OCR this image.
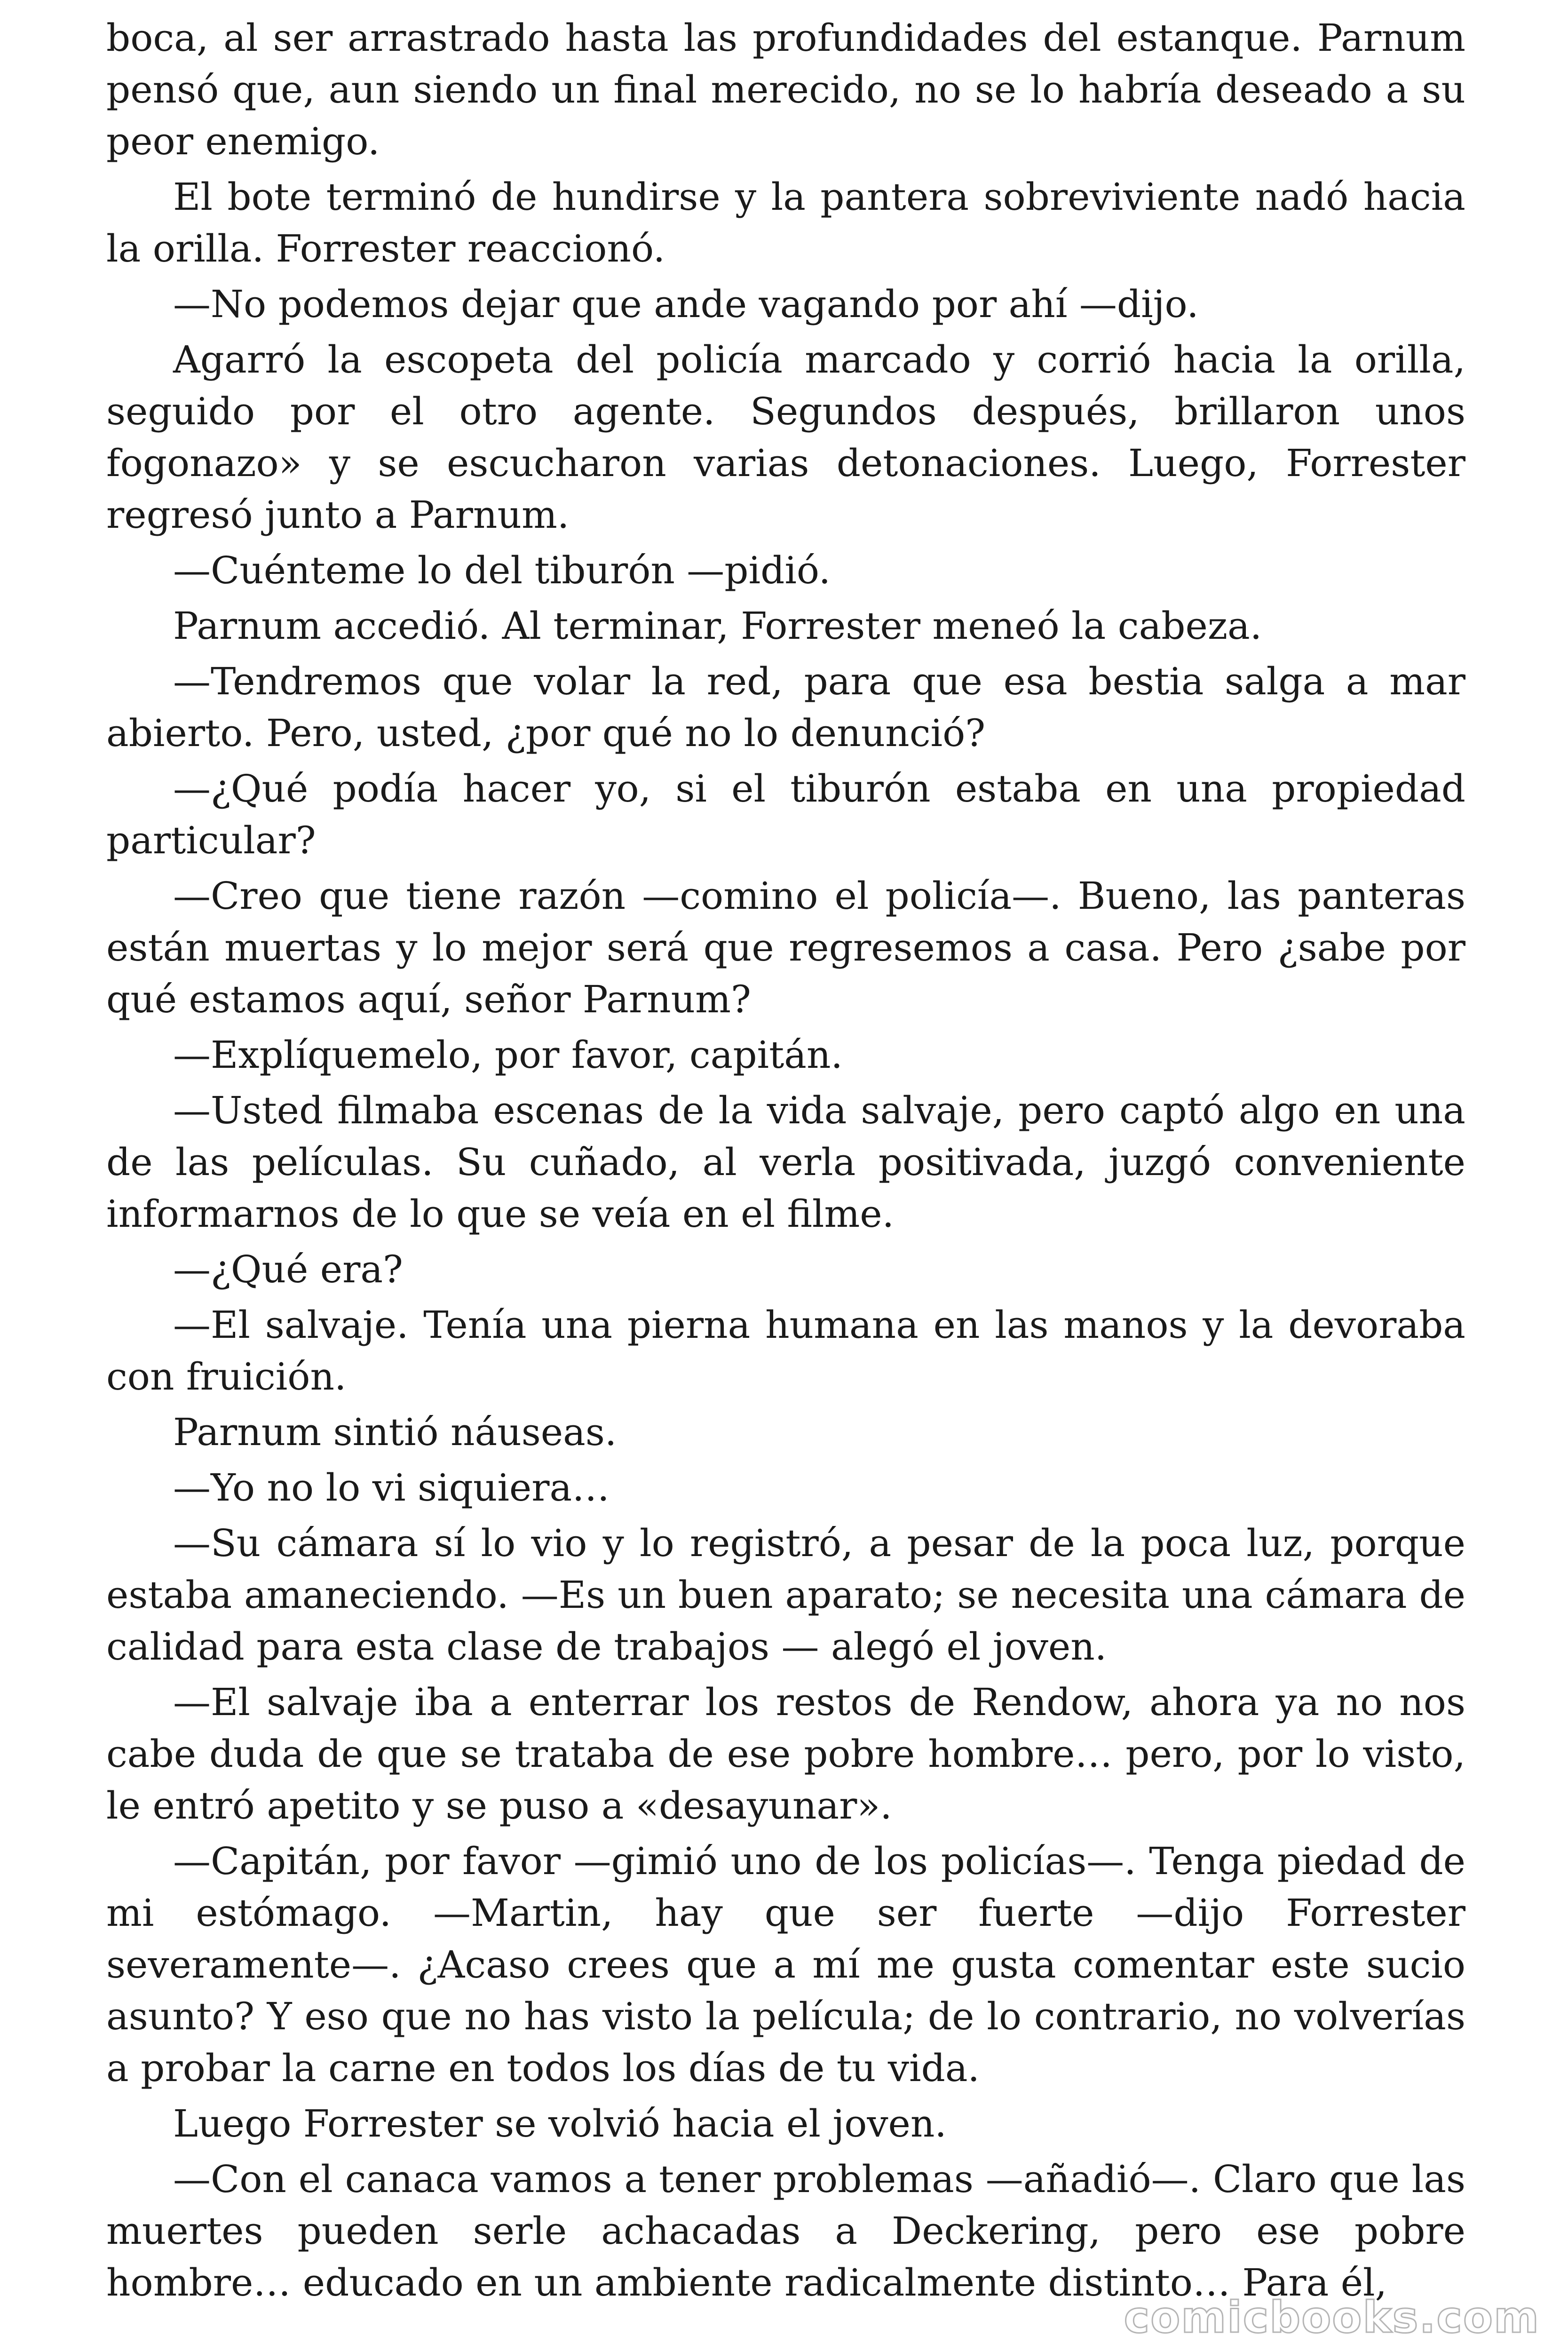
boca, al ser arrastrado hasta las profundidades del estanque. Parnum pensó que, aun siendo un final merecido, no se lo habría deseado a su peor enemigo.

El bote terminó de hundirse y la pantera sobreviviente nadó hacia la orilla. Forrester reaccionó.

—No podemos dejar que ande vagando por ahí —dijo.

Agarró la escopeta del policía marcado y corrió hacia la orilla, seguido por el otro agente. Segundos después, brillaron unos fogonazo» y se escucharon varias detonaciones. Luego, Forrester regresó junto a Parnum.

—Cuénteme lo del tiburón —pidió.

Parnum accedió. Al terminar, Forrester meneó la cabeza.

—Tendremos que volar la red, para que esa bestia salga a mar abierto. Pero, usted, ¿por qué no lo denunció?

—¿Qué podía hacer yo, si el tiburón estaba en una propiedad particular?

—Creo que tiene razón —comino el policía—. Bueno, las panteras están muertas y lo mejor será que regresemos a casa. Pero ¿sabe por qué estamos aquí, señor Parnum?

—Explíquemelo, por favor, capitán.

—Usted filmaba escenas de la vida salvaje, pero captó algo en una de las películas. Su cuñado, al verla positivada, juzgó conveniente informarnos de lo que se veía en el filme.

—¿Qué era?

—El salvaje. Tenía una pierna humana en las manos y la devoraba con fruición.

Parnum sintió náuseas.

—Yo no lo vi siquiera…

—Su cámara sí lo vio y lo registró, a pesar de la poca luz, porque estaba amaneciendo. —Es un buen aparato; se necesita una cámara de calidad para esta clase de trabajos — alegó el joven.

—El salvaje iba a enterrar los restos de Rendow, ahora ya no nos cabe duda de que se trataba de ese pobre hombre… pero, por lo visto, le entró apetito y se puso a «desayunar».

—Capitán, por favor —gimió uno de los policías—. Tenga piedad de mi estómago. —Martin, hay que ser fuerte —dijo Forrester severamente—. ¿Acaso crees que a mí me gusta comentar este sucio asunto? Y eso que no has visto la película; de lo contrario, no volverías a probar la carne en todos los días de tu vida.

Luego Forrester se volvió hacia el joven.

—Con el canaca vamos a tener problemas —añadió—. Claro que las muertes pueden serle achacadas a Deckering, pero ese pobre hombre… educado en un ambiente radicalmente distinto… Para él,

comicbooks.com
